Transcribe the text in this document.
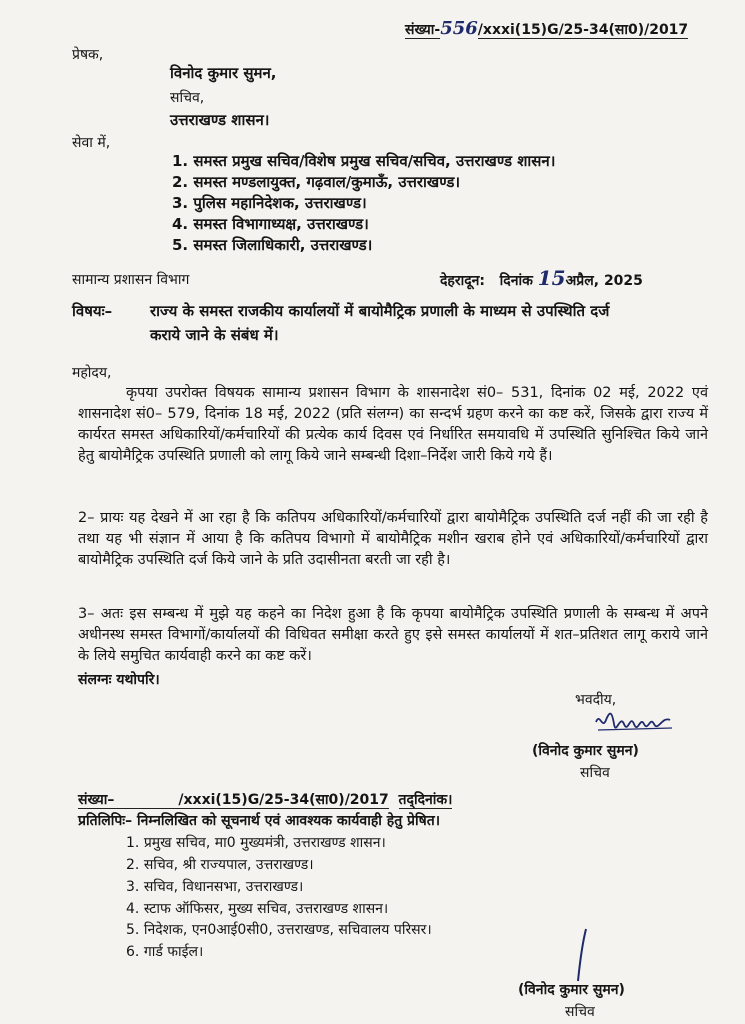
संख्या-556/xxxi(15)G/25-34(सा0)/2017
प्रेषक,
विनोद कुमार सुमन,
सचिव,
उत्तराखण्ड शासन।
सेवा में,
1. समस्त प्रमुख सचिव/विशेष प्रमुख सचिव/सचिव, उत्तराखण्ड शासन।
2. समस्त मण्डलायुक्त, गढ़वाल/कुमाऊँ, उत्तराखण्ड।
3. पुलिस महानिदेशक, उत्तराखण्ड।
4. समस्त विभागाध्यक्ष, उत्तराखण्ड।
5. समस्त जिलाधिकारी, उत्तराखण्ड।
सामान्य प्रशासन विभाग	देहरादून: दिनांक 15अप्रैल, 2025
विषयः–	राज्य के समस्त राजकीय कार्यालयों में बायोमैट्रिक प्रणाली के माध्यम से उपस्थिति दर्ज
कराये जाने के संबंध में।
महोदय,
कृपया उपरोक्त विषयक सामान्य प्रशासन विभाग के शासनादेश सं0– 531, दिनांक 02 मई, 2022 एवं शासनादेश सं0– 579, दिनांक 18 मई, 2022 (प्रति संलग्न) का सन्दर्भ ग्रहण करने का कष्ट करें, जिसके द्वारा राज्य में कार्यरत समस्त अधिकारियों/कर्मचारियों की प्रत्येक कार्य दिवस एवं निर्धारित समयावधि में उपस्थिति सुनिश्चित किये जाने हेतु बायोमैट्रिक उपस्थिति प्रणाली को लागू किये जाने सम्बन्धी दिशा–निर्देश जारी किये गये हैं।
2– प्रायः यह देखने में आ रहा है कि कतिपय अधिकारियों/कर्मचारियों द्वारा बायोमैट्रिक उपस्थिति दर्ज नहीं की जा रही है तथा यह भी संज्ञान में आया है कि कतिपय विभागो में बायोमैट्रिक मशीन खराब होने एवं अधिकारियों/कर्मचारियों द्वारा बायोमैट्रिक उपस्थिति दर्ज किये जाने के प्रति उदासीनता बरती जा रही है।
3– अतः इस सम्बन्ध में मुझे यह कहने का निदेश हुआ है कि कृपया बायोमैट्रिक उपस्थिति प्रणाली के सम्बन्ध में अपने अधीनस्थ समस्त विभागों/कार्यालयों की विधिवत समीक्षा करते हुए इसे समस्त कार्यालयों में शत–प्रतिशत लागू कराये जाने के लिये समुचित कार्यवाही करने का कष्ट करें।
संलग्नः यथोपरि।
भवदीय,
(विनोद कुमार सुमन)
सचिव
संख्या–	/xxxi(15)G/25-34(सा0)/2017 तद्‌दिनांक।
प्रतिलिपिः– निम्नलिखित को सूचनार्थ एवं आवश्यक कार्यवाही हेतु प्रेषित।
1. प्रमुख सचिव, मा0 मुख्यमंत्री, उत्तराखण्ड शासन।
2. सचिव, श्री राज्यपाल, उत्तराखण्ड।
3. सचिव, विधानसभा, उत्तराखण्ड।
4. स्टाफ ऑफिसर, मुख्य सचिव, उत्तराखण्ड शासन।
5. निदेशक, एन0आई0सी0, उत्तराखण्ड, सचिवालय परिसर।
6. गार्ड फाईल।
(विनोद कुमार सुमन)
सचिव
